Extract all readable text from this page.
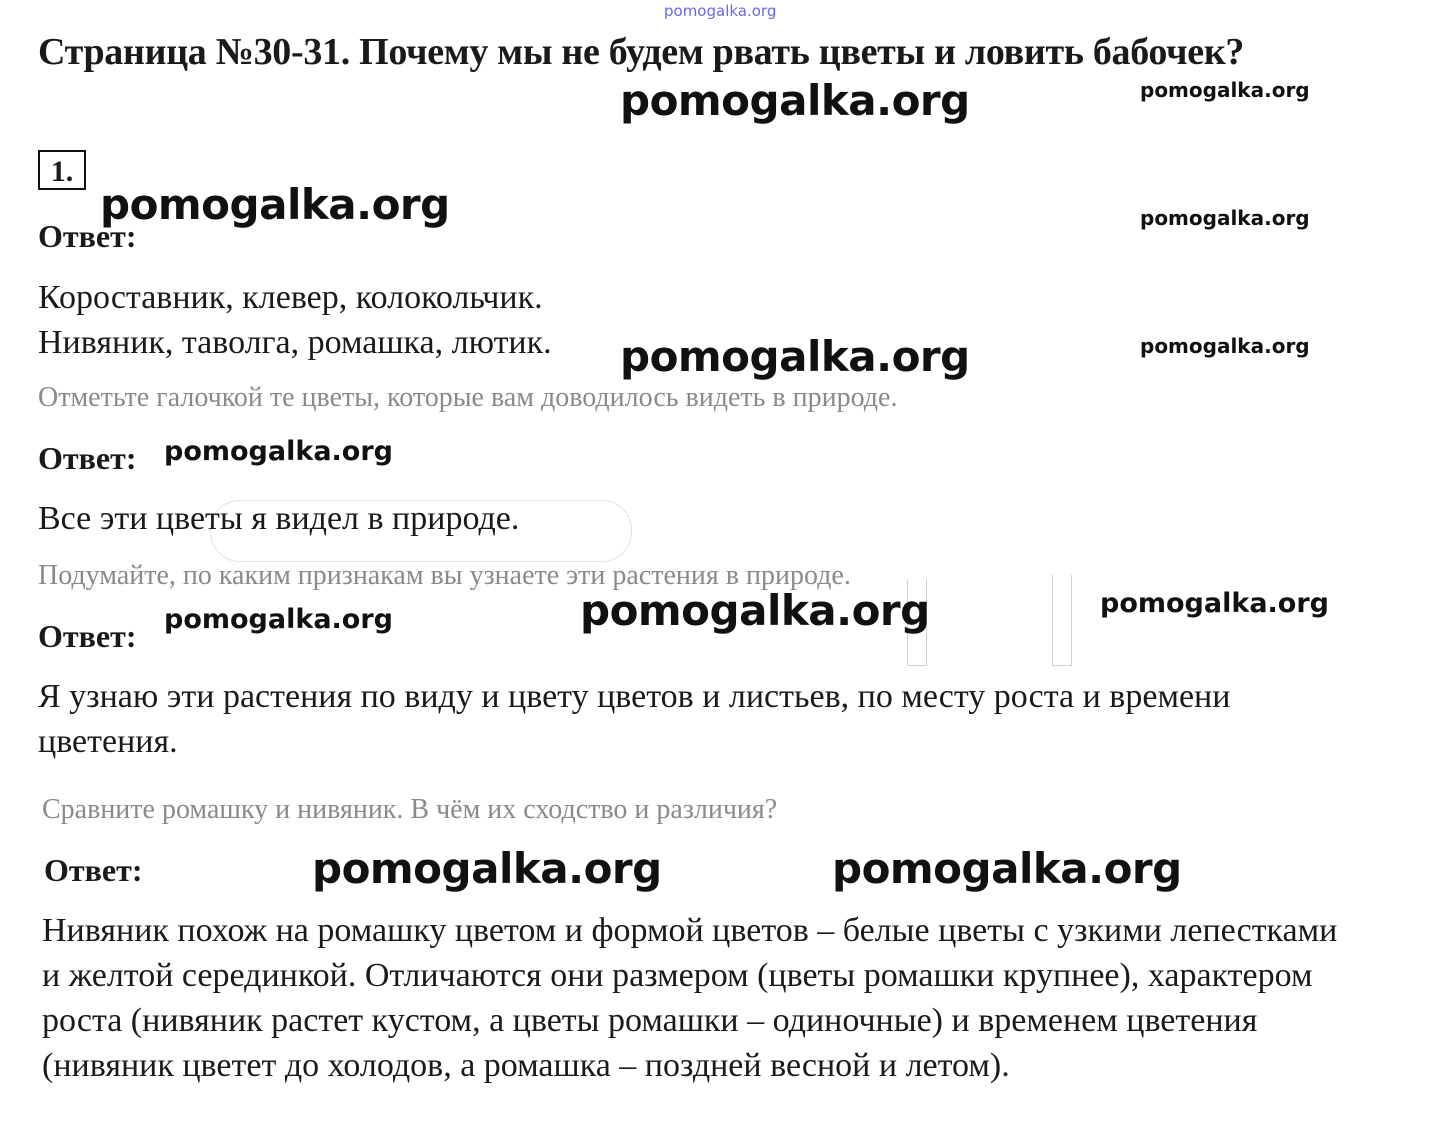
pomogalka.org
Страница №30-31. Почему мы не будем рвать цветы и ловить бабочек?
1.
Ответ:
Короставник, клевер, колокольчик.
Нивяник, таволга, ромашка, лютик.
Отметьте галочкой те цветы, которые вам доводилось видеть в природе.
Ответ:
Все эти цветы я видел в природе.
Подумайте, по каким признакам вы узнаете эти растения в природе.
Ответ:
Я узнаю эти растения по виду и цвету цветов и листьев, по месту роста и времени цветения.
Сравните ромашку и нивяник. В чём их сходство и различия?
Ответ:
Нивяник похож на ромашку цветом и формой цветов – белые цветы с узкими лепестками и желтой серединкой. Отличаются они размером (цветы ромашки крупнее), характером роста (нивяник растет кустом, а цветы ромашки – одиночные) и временем цветения (нивяник цветет до холодов, а ромашка – поздней весной и летом).
pomogalka.org	pomogalka.org
pomogalka.org	pomogalka.org
pomogalka.org	pomogalka.org
pomogalka.org
pomogalka.org	pomogalka.org
pomogalka.org
pomogalka.org	pomogalka.org
